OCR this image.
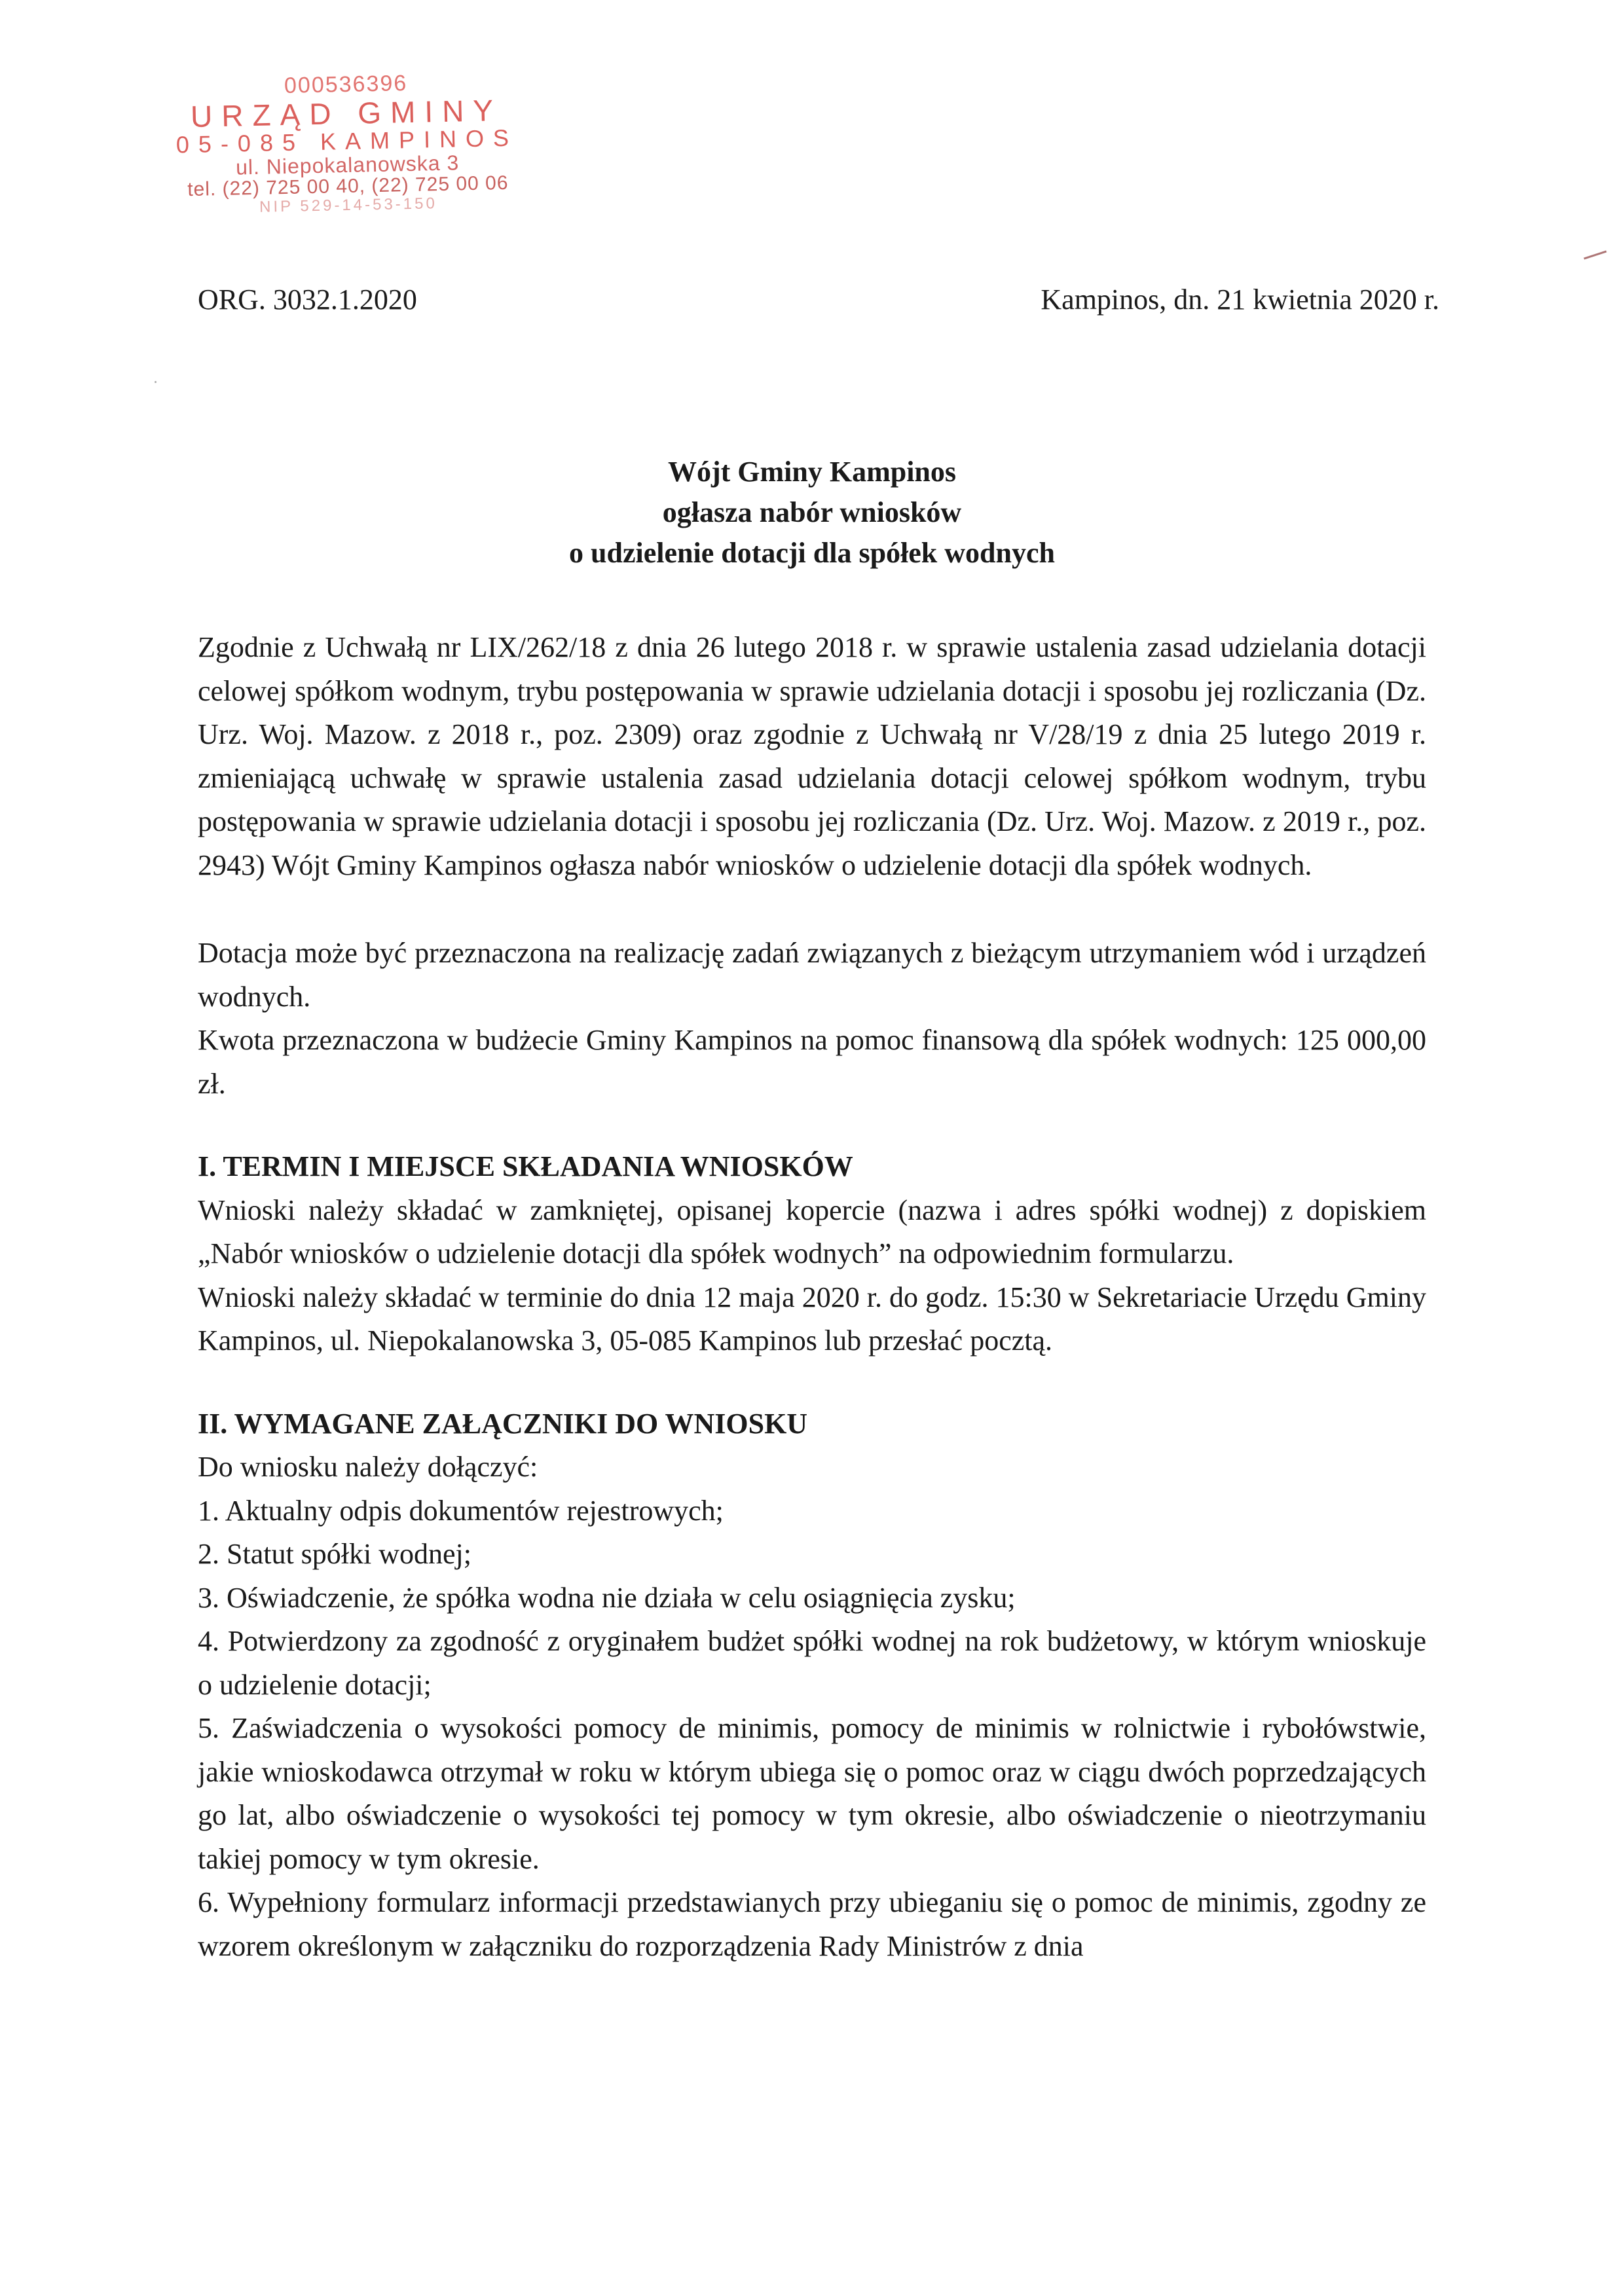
000536396
URZĄD GMINY
05-085 KAMPINOS
ul. Niepokalanowska 3
tel. (22) 725 00 40, (22) 725 00 06
NIP 529-14-53-150
ORG. 3032.1.2020	Kampinos, dn. 21 kwietnia 2020 r.
Wójt Gminy Kampinos
ogłasza nabór wniosków
o udzielenie dotacji dla spółek wodnych

Zgodnie z Uchwałą nr LIX/262/18 z dnia 26 lutego 2018 r. w sprawie ustalenia zasad udzielania dotacji celowej spółkom wodnym, trybu postępowania w sprawie udzielania dotacji i sposobu jej rozliczania (Dz. Urz. Woj. Mazow. z 2018 r., poz. 2309) oraz zgodnie z Uchwałą nr V/28/19 z dnia 25 lutego 2019 r. zmieniającą uchwałę w sprawie ustalenia zasad udzielania dotacji celowej spółkom wodnym, trybu postępowania w sprawie udzielania dotacji i sposobu jej rozliczania (Dz. Urz. Woj. Mazow. z 2019 r., poz. 2943) Wójt Gminy Kampinos ogłasza nabór wniosków o udzielenie dotacji dla spółek wodnych.

Dotacja może być przeznaczona na realizację zadań związanych z bieżącym utrzymaniem wód i urządzeń wodnych.

Kwota przeznaczona w budżecie Gminy Kampinos na pomoc finansową dla spółek wodnych: 125 000,00 zł.

I. TERMIN I MIEJSCE SKŁADANIA WNIOSKÓW

Wnioski należy składać w zamkniętej, opisanej kopercie (nazwa i adres spółki wodnej) z dopiskiem „Nabór wniosków o udzielenie dotacji dla spółek wodnych” na odpowiednim formularzu.

Wnioski należy składać w terminie do dnia 12 maja 2020 r. do godz. 15:30 w Sekretariacie Urzędu Gminy Kampinos, ul. Niepokalanowska 3, 05-085 Kampinos lub przesłać pocztą.

II. WYMAGANE ZAŁĄCZNIKI DO WNIOSKU

Do wniosku należy dołączyć:

1. Aktualny odpis dokumentów rejestrowych;

2. Statut spółki wodnej;

3. Oświadczenie, że spółka wodna nie działa w celu osiągnięcia zysku;

4. Potwierdzony za zgodność z oryginałem budżet spółki wodnej na rok budżetowy, w którym wnioskuje o udzielenie dotacji;

5. Zaświadczenia o wysokości pomocy de minimis, pomocy de minimis w rolnictwie i rybołówstwie, jakie wnioskodawca otrzymał w roku w którym ubiega się o pomoc oraz w ciągu dwóch poprzedzających go lat, albo oświadczenie o wysokości tej pomocy w tym okresie, albo oświadczenie o nieotrzymaniu takiej pomocy w tym okresie.

6. Wypełniony formularz informacji przedstawianych przy ubieganiu się o pomoc de minimis, zgodny ze wzorem określonym w załączniku do rozporządzenia Rady Ministrów z dnia
